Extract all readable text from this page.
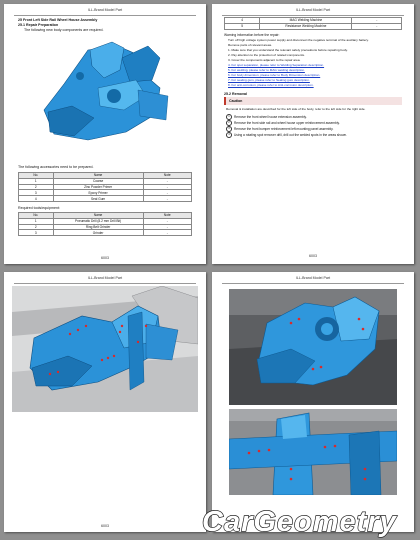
ILL-Brand Model Part
25 Front Left Side Rail Wheel House Assembly
25.1 Repair Preparation
The following new body components are required.
The following accessories need to be prepared.
No.	Name	Note
1	Coarse	-
2	Zinc Powder Primer	-
3	Epoxy Primer	-
4	Seal Gum	-
Required tools/equipment:
No.	Name	Note
1	Pneumatic Drill (8.2 mm Drill Bit)	-
2	Ring Belt Grinder	-
3	Grinder	-
6003
ILL-Brand Model Part
4	MAG Welding Machine	-
5	Resistance Welding Machine	-
Warning information before the repair:
Turn off high voltage system power supply and disconnect the negative terminal of the auxiliary battery.
Remove parts of relevant areas.
1. Make sure that you understand the relevant safety precautions before repairing body.
2. Pay attention to the protection of related components.
3. Cover the components adjacent to the repair area.
4. For spot separation, please refer to Welding Separation description.
5. For welding, please refer to MAG welding description.
6. For body dimension, please refer to Body Dimension description.
7. For sealing gum, please refer to Sealing gum description.
8. For anti-corrosion, please refer to Anti-corrosion description.
25.2 Removal
Caution
Removal & installation are described for the left side of the body, refer to the left side for the right side.
1 Remove the front wheel house extension assembly.
2 Remove the front side rail and wheel house upper reinforcement assembly.
3 Remove the front bumper reinforcement left mounting panel assembly.
4 Using a rotating spot remover drill, drill out the welded spots in the areas shown.
6003
ILL-Brand Model Part
6003
ILL-Brand Model Part
CarGeometry
